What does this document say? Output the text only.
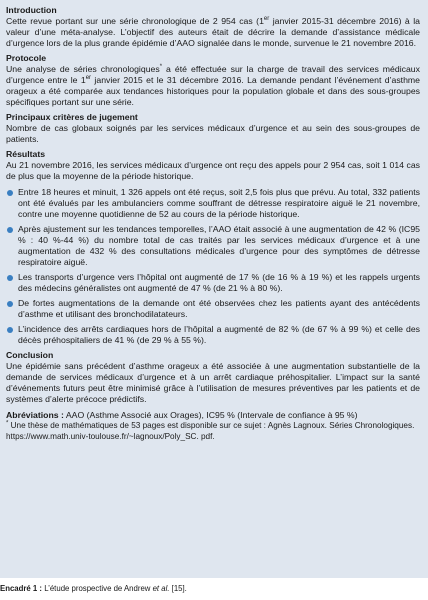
Introduction

Cette revue portant sur une série chronologique de 2 954 cas (1er janvier 2015-31 décembre 2016) à la valeur d’une méta-analyse. L’objectif des auteurs était de décrire la demande d’assistance médicale d’urgence lors de la plus grande épidémie d’AAO signalée dans le monde, survenue le 21 novembre 2016.

Protocole

Une analyse de séries chronologiques* a été effectuée sur la charge de travail des services médicaux d’urgence entre le 1er janvier 2015 et le 31 décembre 2016. La demande pendant l’événement d’asthme orageux a été comparée aux tendances historiques pour la population globale et dans des sous-groupes spécifiques portant sur une série.

Principaux critères de jugement

Nombre de cas globaux soignés par les services médicaux d’urgence et au sein des sous-groupes de patients.

Résultats

Au 21 novembre 2016, les services médicaux d’urgence ont reçu des appels pour 2 954 cas, soit 1 014 cas de plus que la moyenne de la période historique.

Entre 18 heures et minuit, 1 326 appels ont été reçus, soit 2,5 fois plus que prévu. Au total, 332 patients ont été évalués par les ambulanciers comme souffrant de détresse respiratoire aiguë le 21 novembre, contre une moyenne quotidienne de 52 au cours de la période historique.
Après ajustement sur les tendances temporelles, l’AAO était associé à une augmentation de 42 % (IC95 % : 40 %-44 %) du nombre total de cas traités par les services médicaux d’urgence et à une augmentation de 432 % des consultations médicales d’urgence pour des symptômes de détresse respiratoire aiguë.
Les transports d’urgence vers l’hôpital ont augmenté de 17 % (de 16 % à 19 %) et les rappels urgents des médecins généralistes ont augmenté de 47 % (de 21 % à 80 %).
De fortes augmentations de la demande ont été observées chez les patients ayant des antécédents d’asthme et utilisant des bronchodilatateurs.
L’incidence des arrêts cardiaques hors de l’hôpital a augmenté de 82 % (de 67 % à 99 %) et celle des décès préhospitaliers de 41 % (de 29 % à 55 %).

Conclusion

Une épidémie sans précédent d’asthme orageux a été associée à une augmentation substantielle de la demande de services médicaux d’urgence et à un arrêt cardiaque préhospitalier. L’impact sur la santé d’événements futurs peut être minimisé grâce à l’utilisation de mesures préventives par les patients et de systèmes d’alerte précoce prédictifs.

Abréviations : AAO (Asthme Associé aux Orages), IC95 % (Intervale de confiance à 95 %)

* Une thèse de mathématiques de 53 pages est disponible sur ce sujet : Agnès Lagnoux. Séries Chronologiques. https://www.math.univ-toulouse.fr/~lagnoux/Poly_SC. pdf.

Encadré 1 : L’étude prospective de Andrew et al. [15].
